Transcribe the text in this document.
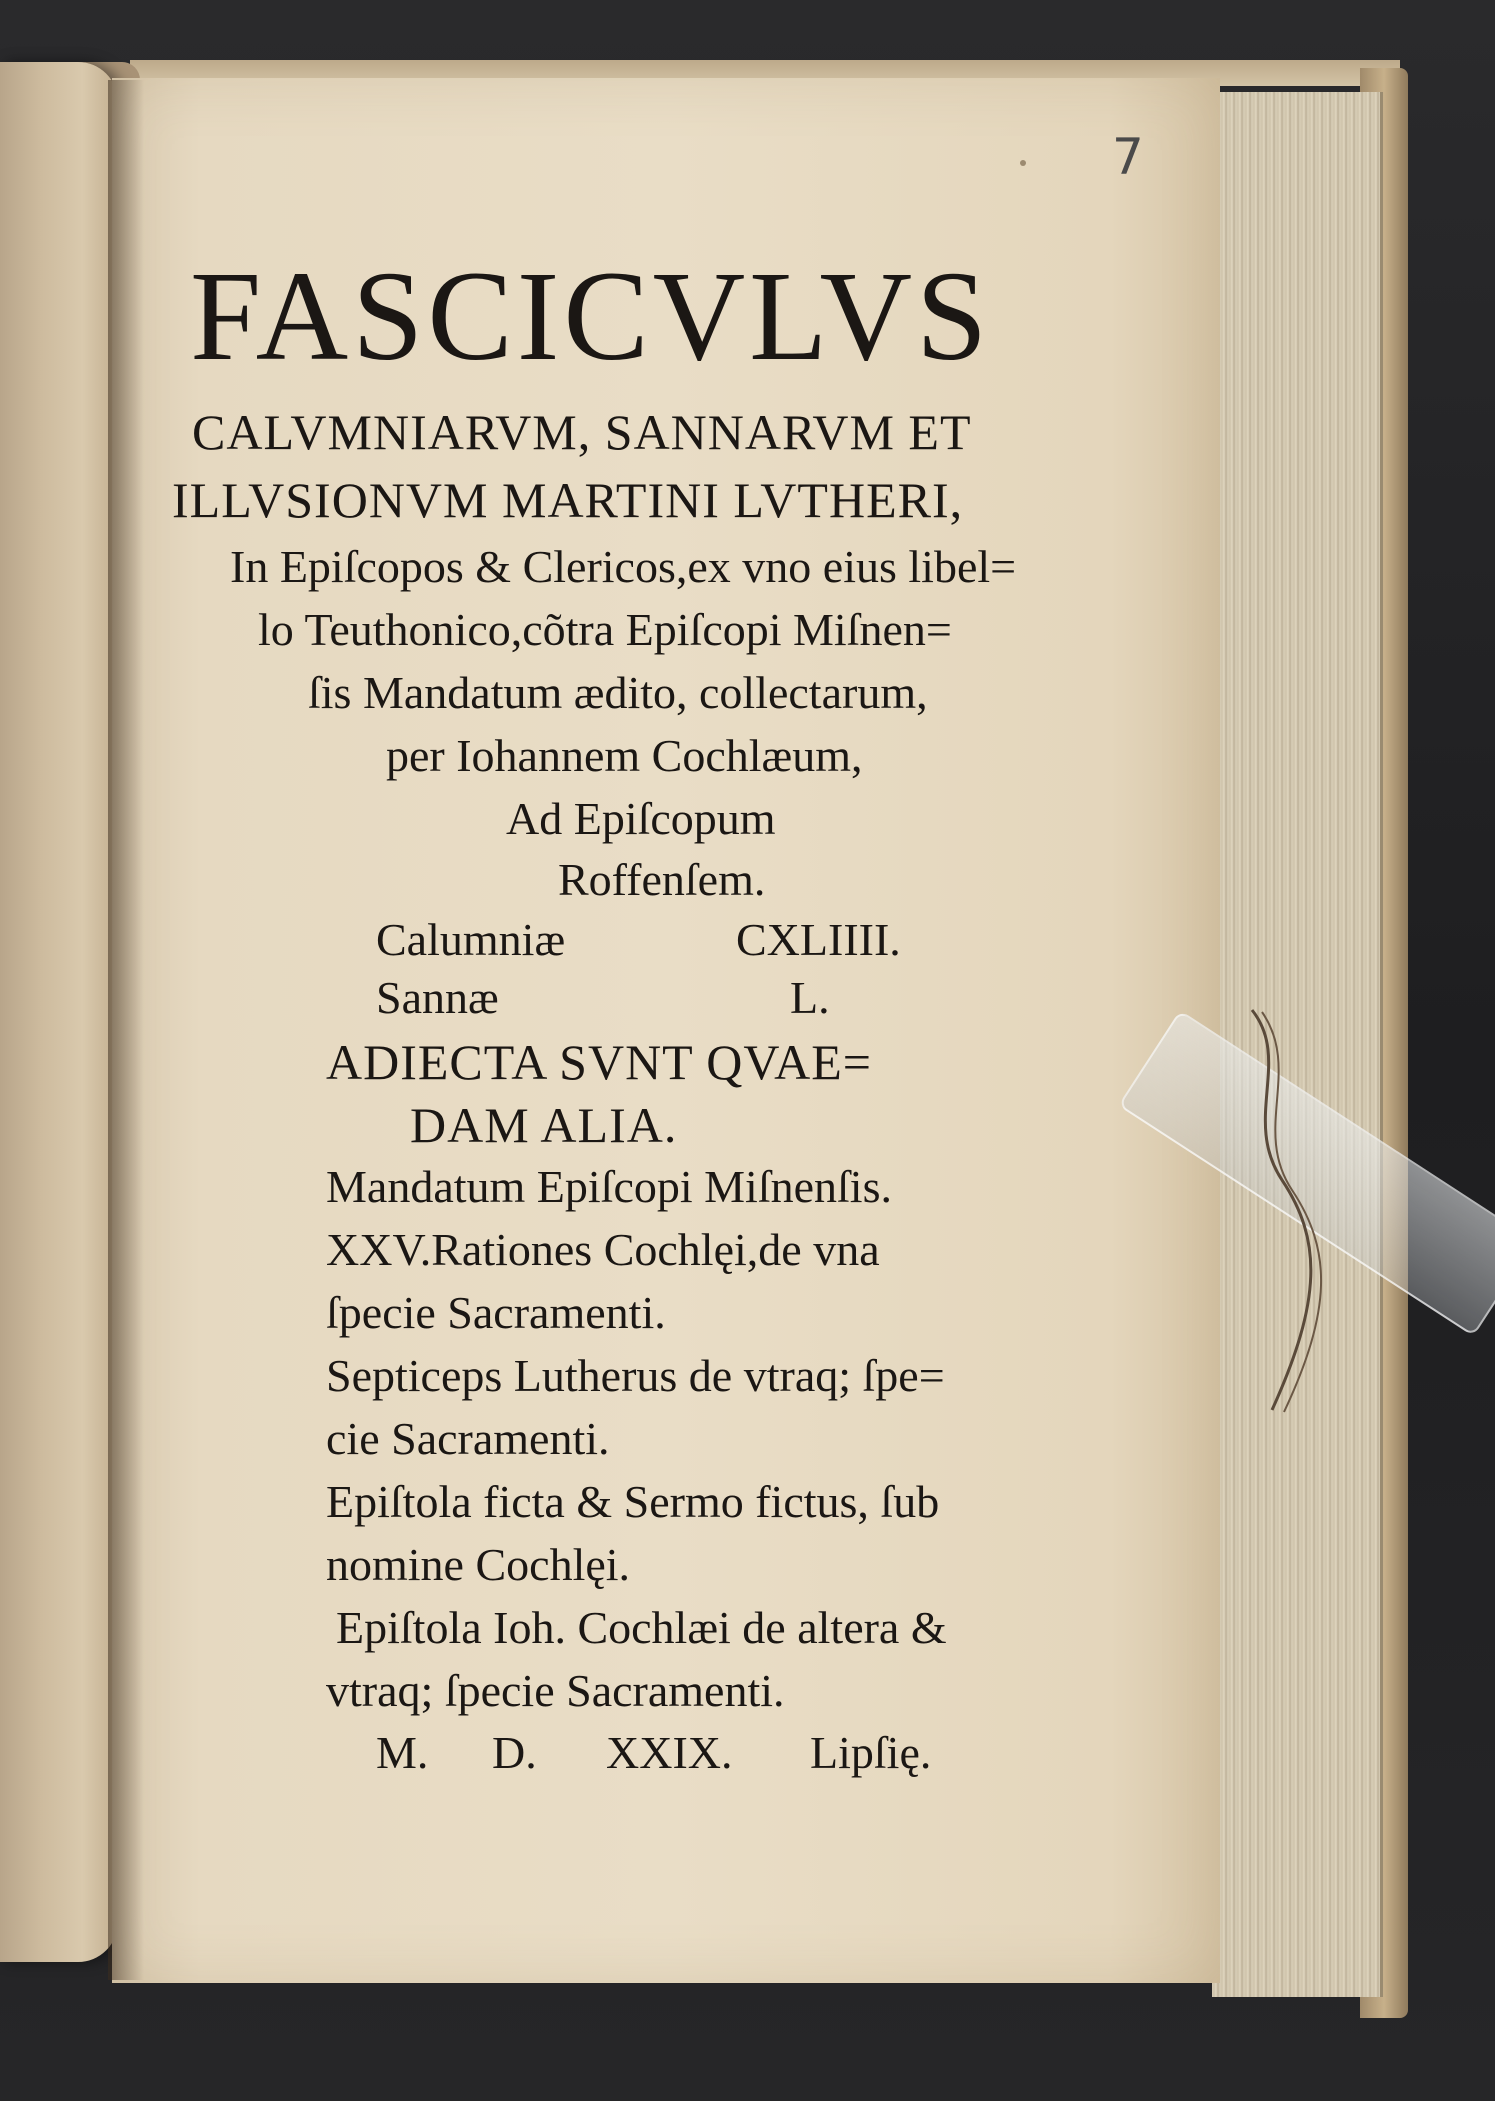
7
FASCICVLVS
CALVMNIARVM, SANNARVM ET
ILLVSIONVM MARTINI LVTHERI,
In Epiſcopos & Clericos,ex vno eius libel=
lo Teuthonico,cõtra Epiſcopi Miſnen=
ſis Mandatum ædito, collectarum,
per Iohannem Cochlæum,
Ad Epiſcopum
Roffenſem.
Calumniæ	CXLIIII.
Sannæ	L.
ADIECTA SVNT QVAE=
DAM ALIA.
Mandatum Epiſcopi Miſnenſis.
XXV.Rationes Cochlęi,de vna
ſpecie Sacramenti.
Septiceps Lutherus de vtraq; ſpe=
cie Sacramenti.
Epiſtola ficta & Sermo fictus, ſub
nomine Cochlęi.
Epiſtola Ioh. Cochlæi de altera &
vtraq; ſpecie Sacramenti.
M. D. XXIX. Lipſię.
